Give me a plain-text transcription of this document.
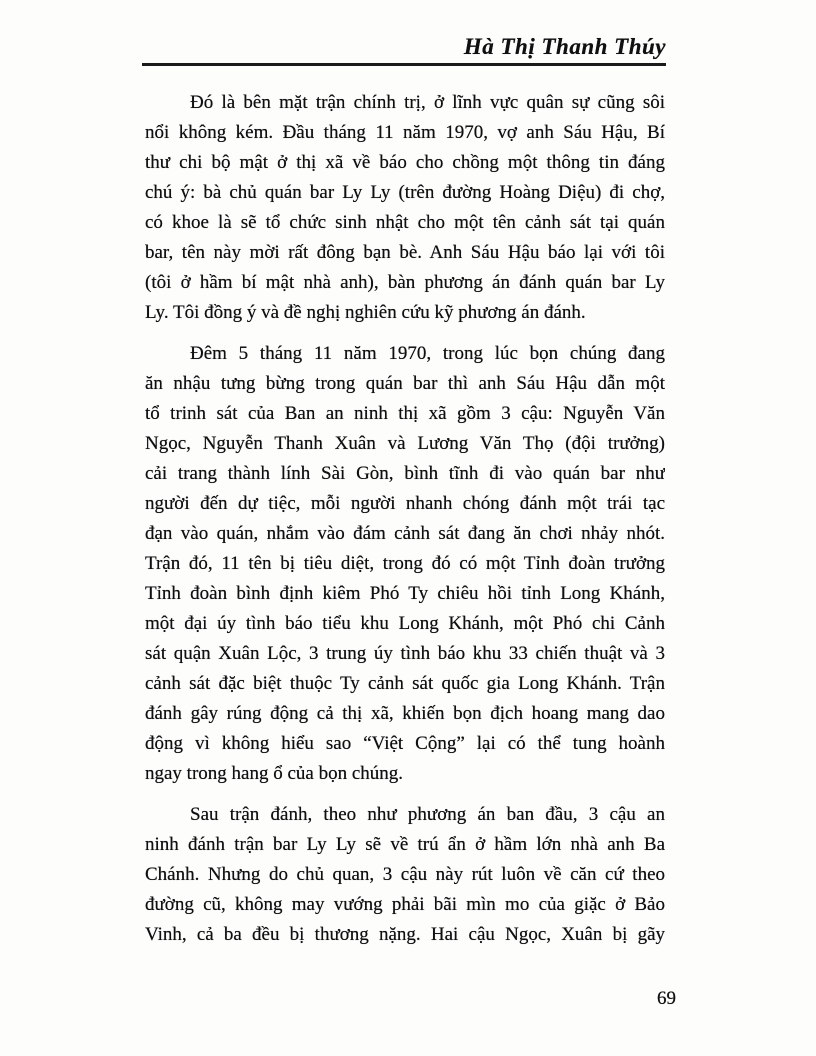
Hà Thị Thanh Thúy
Đó là bên mặt trận chính trị, ở lĩnh vực quân sự cũng sôi
nổi không kém. Đầu tháng 11 năm 1970, vợ anh Sáu Hậu, Bí
thư chi bộ mật ở thị xã về báo cho chồng một thông tin đáng
chú ý: bà chủ quán bar Ly Ly (trên đường Hoàng Diệu) đi chợ,
có khoe là sẽ tổ chức sinh nhật cho một tên cảnh sát tại quán
bar, tên này mời rất đông bạn bè. Anh Sáu Hậu báo lại với tôi
(tôi ở hầm bí mật nhà anh), bàn phương án đánh quán bar Ly
Ly. Tôi đồng ý và đề nghị nghiên cứu kỹ phương án đánh.
Đêm 5 tháng 11 năm 1970, trong lúc bọn chúng đang
ăn nhậu tưng bừng trong quán bar thì anh Sáu Hậu dẫn một
tổ trinh sát của Ban an ninh thị xã gồm 3 cậu: Nguyễn Văn
Ngọc, Nguyễn Thanh Xuân và Lương Văn Thọ (đội trưởng)
cải trang thành lính Sài Gòn, bình tĩnh đi vào quán bar như
người đến dự tiệc, mỗi người nhanh chóng đánh một trái tạc
đạn vào quán, nhắm vào đám cảnh sát đang ăn chơi nhảy nhót.
Trận đó, 11 tên bị tiêu diệt, trong đó có một Tỉnh đoàn trưởng
Tỉnh đoàn bình định kiêm Phó Ty chiêu hồi tỉnh Long Khánh,
một đại úy tình báo tiểu khu Long Khánh, một Phó chi Cảnh
sát quận Xuân Lộc, 3 trung úy tình báo khu 33 chiến thuật và 3
cảnh sát đặc biệt thuộc Ty cảnh sát quốc gia Long Khánh. Trận
đánh gây rúng động cả thị xã, khiến bọn địch hoang mang dao
động vì không hiểu sao “Việt Cộng” lại có thể tung hoành
ngay trong hang ổ của bọn chúng.
Sau trận đánh, theo như phương án ban đầu, 3 cậu an
ninh đánh trận bar Ly Ly sẽ về trú ẩn ở hầm lớn nhà anh Ba
Chánh. Nhưng do chủ quan, 3 cậu này rút luôn về căn cứ theo
đường cũ, không may vướng phải bãi mìn mo của giặc ở Bảo
Vinh, cả ba đều bị thương nặng. Hai cậu Ngọc, Xuân bị gãy
69
